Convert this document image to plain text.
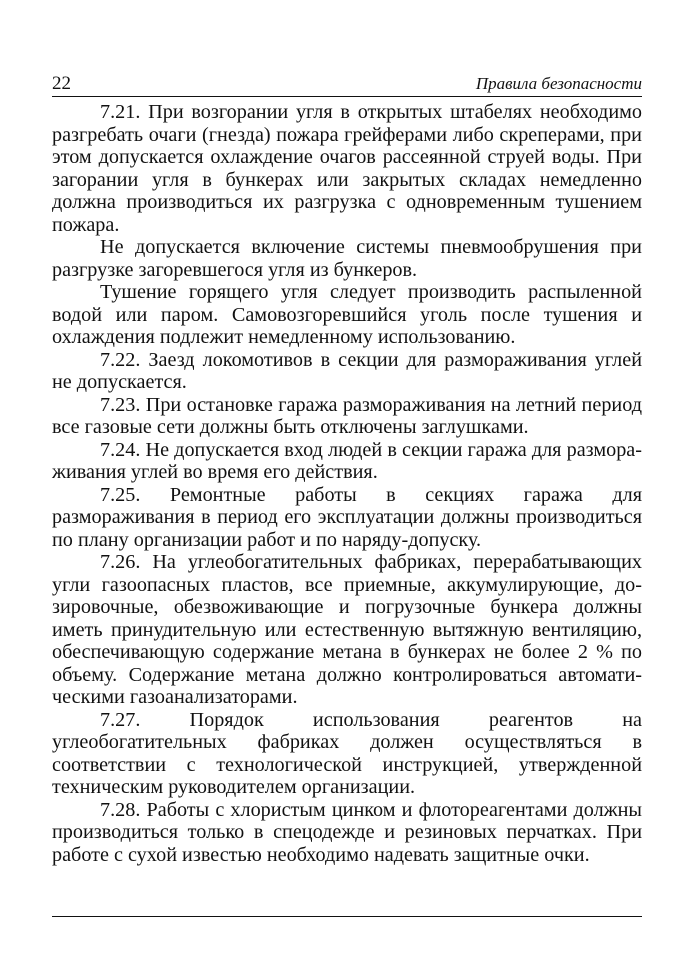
22	Правила безопасности

7.21. При возгорании угля в открытых штабелях необходимо разгребать очаги (гнезда) пожара грейферами либо скреперами, при этом допускается охлаждение очагов рассеянной струей воды. При загорании угля в бункерах или закрытых складах немедленно должна производиться их разгрузка с одновременным тушением пожара.

Не допускается включение системы пневмообрушения при разгрузке загоревшегося угля из бункеров.

Тушение горящего угля следует производить распыленной водой или паром. Самовозгоревшийся уголь после тушения и охлаждения подлежит немедленному использованию.

7.22. Заезд локомотивов в секции для размораживания углей не допускается.

7.23. При остановке гаража размораживания на летний период все газовые сети должны быть отключены заглушками.

7.24. Не допускается вход людей в секции гаража для размораживания углей во время его действия.

7.25. Ремонтные работы в секциях гаража для размораживания в период его эксплуатации должны производиться по плану организации работ и по наряду-допуску.

7.26. На углеобогатительных фабриках, перерабатывающих угли газоопасных пластов, все приемные, аккумулирующие, дозировочные, обезвоживающие и погрузочные бункера должны иметь принудительную или естественную вытяжную вентиляцию, обеспечивающую содержание метана в бункерах не более 2 % по объему. Содержание метана должно контролироваться автоматическими газоанализаторами.

7.27. Порядок использования реагентов на углеобогатительных фабриках должен осуществляться в соответствии с технологической инструкцией, утвержденной техническим руководителем организации.

7.28. Работы с хлористым цинком и флотореагентами должны производиться только в спецодежде и резиновых перчатках. При работе с сухой известью необходимо надевать защитные очки.
